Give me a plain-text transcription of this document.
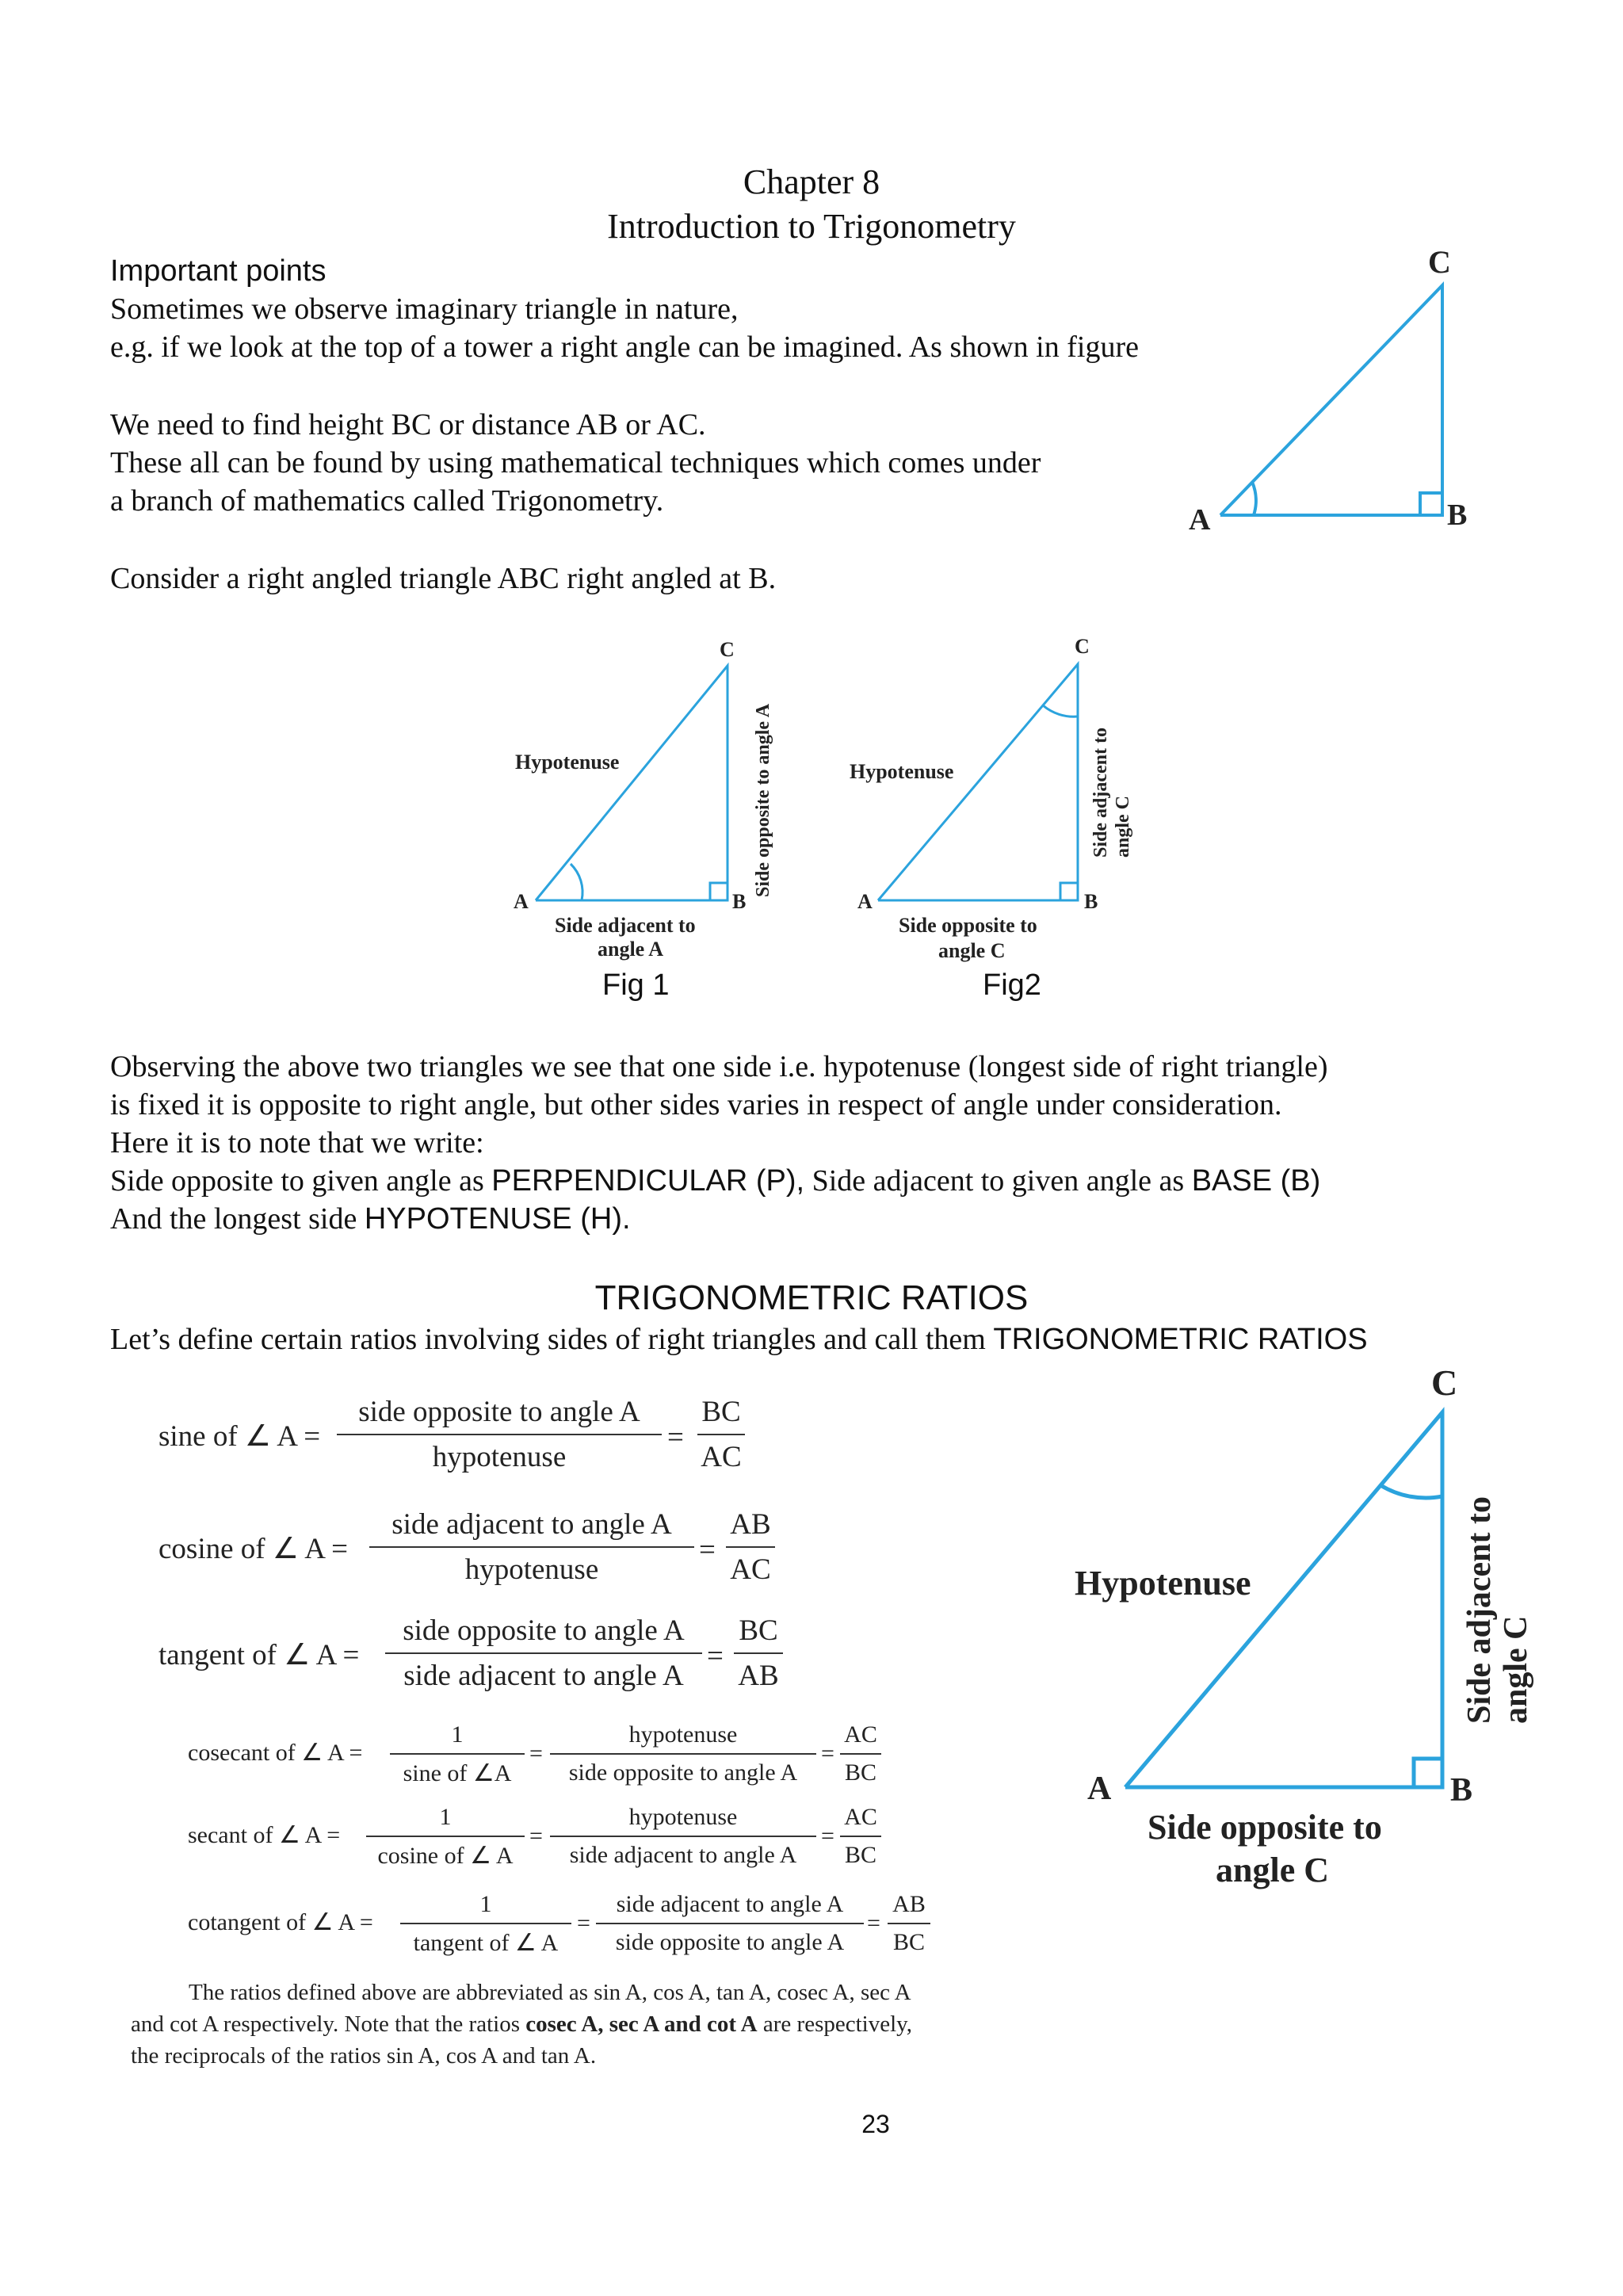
Chapter 8
Introduction to Trigonometry
Important points
Sometimes we observe imaginary triangle in nature,
e.g. if we look at the top of a tower a right angle can be imagined. As shown in figure
We need to find height BC or distance AB or AC.
These all can be found by using mathematical techniques which comes under
a branch of mathematics called Trigonometry.
Consider a right angled triangle ABC right angled at B.
A	B
C
A	B
C
Hypotenuse	Side opposite to angle A
Side adjacent to
angle A
Fig 1
A	B
C
Hypotenuse	Side adjacent to angle C
Side opposite to
angle C
Fig2
Observing the above two triangles we see that one side i.e. hypotenuse (longest side of right triangle)
is fixed it is opposite to right angle, but other sides varies in respect of angle under consideration.
Here it is to note that we write:
Side opposite to given angle as PERPENDICULAR (P), Side adjacent to given angle as BASE (B)
And the longest side HYPOTENUSE (H).
TRIGONOMETRIC RATIOS
Let’s define certain ratios involving sides of right triangles and call them TRIGONOMETRIC RATIOS
sine of ∠ A =
side opposite to angle A
hypotenuse
=
BC
AC
cosine of ∠ A =
side adjacent to angle A
hypotenuse
=
AB
AC
tangent of ∠ A =
side opposite to angle A
side adjacent to angle A
=
BC
AB
cosecant of ∠ A =
1
sine of ∠A
=
hypotenuse
side opposite to angle A
=
AC
BC
secant of ∠ A =
1
cosine of ∠ A
=
hypotenuse
side adjacent to angle A
=
AC
BC
cotangent of ∠ A =
1
tangent of ∠ A
=
side adjacent to angle A
side opposite to angle A
=
AB
BC
The ratios defined above are abbreviated as sin A, cos A, tan A, cosec A, sec A
and cot A respectively. Note that the ratios cosec A, sec A and cot A are respectively,
the reciprocals of the ratios sin A, cos A and tan A.
A	B
C
Hypotenuse	Side adjacent to angle C
Side opposite to
angle C
23
